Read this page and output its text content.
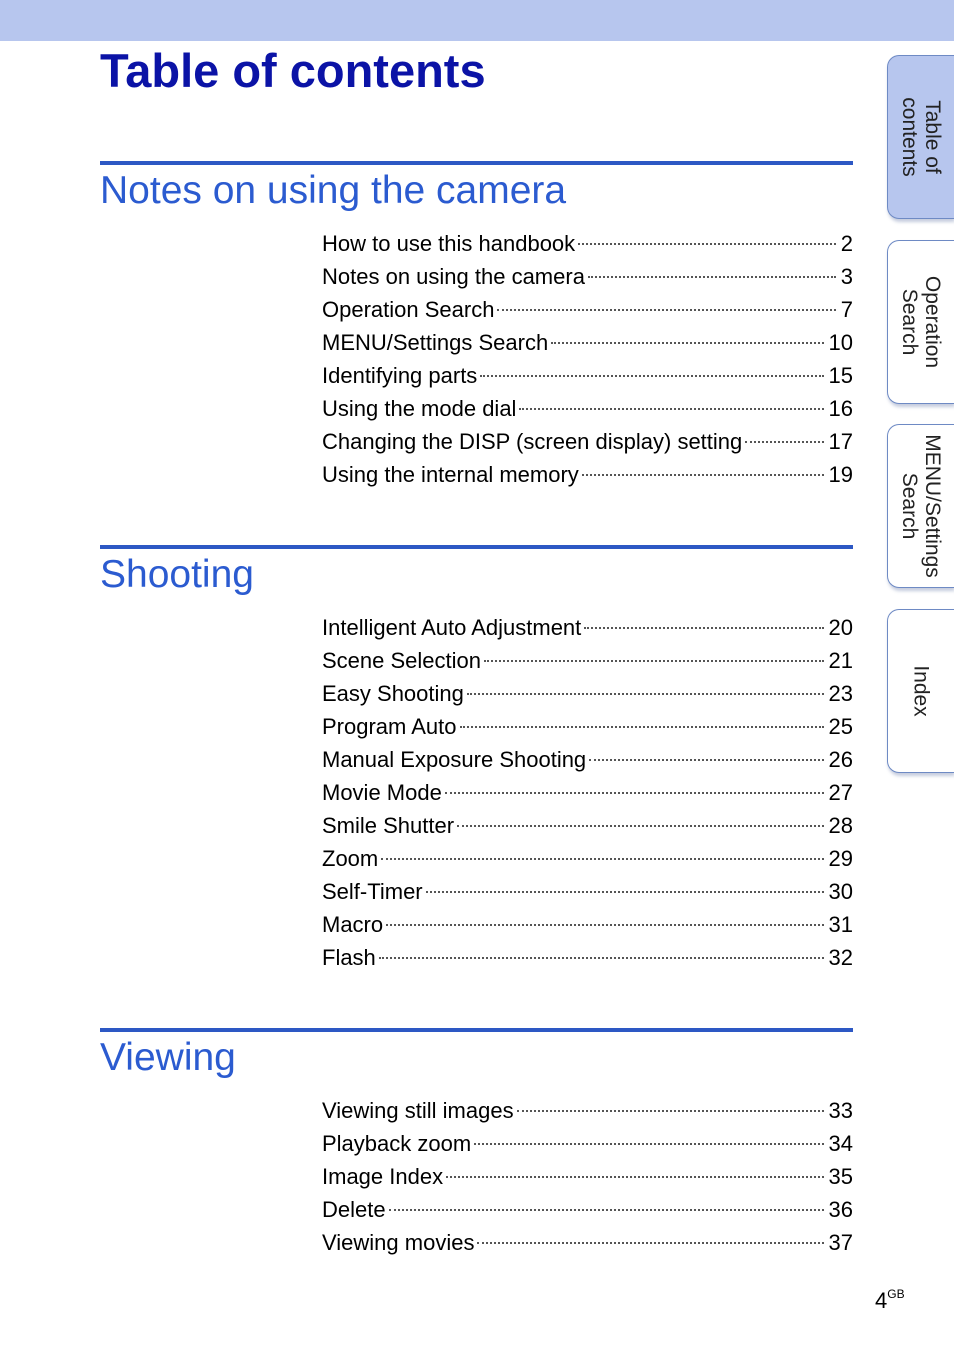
Table of contents
Notes on using the camera
How to use this handbook	2
Notes on using the camera	3
Operation Search	7
MENU/Settings Search	10
Identifying parts	15
Using the mode dial	16
Changing the DISP (screen display) setting	17
Using the internal memory	19
Shooting
Intelligent Auto Adjustment	20
Scene Selection	21
Easy Shooting	23
Program Auto	25
Manual Exposure Shooting	26
Movie Mode	27
Smile Shutter	28
Zoom	29
Self-Timer	30
Macro	31
Flash	32
Viewing
Viewing still images	33
Playback zoom	34
Image Index	35
Delete	36
Viewing movies	37
Table of
contents
Operation
Search
MENU/Settings
Search
Index
$4^{GB}$
